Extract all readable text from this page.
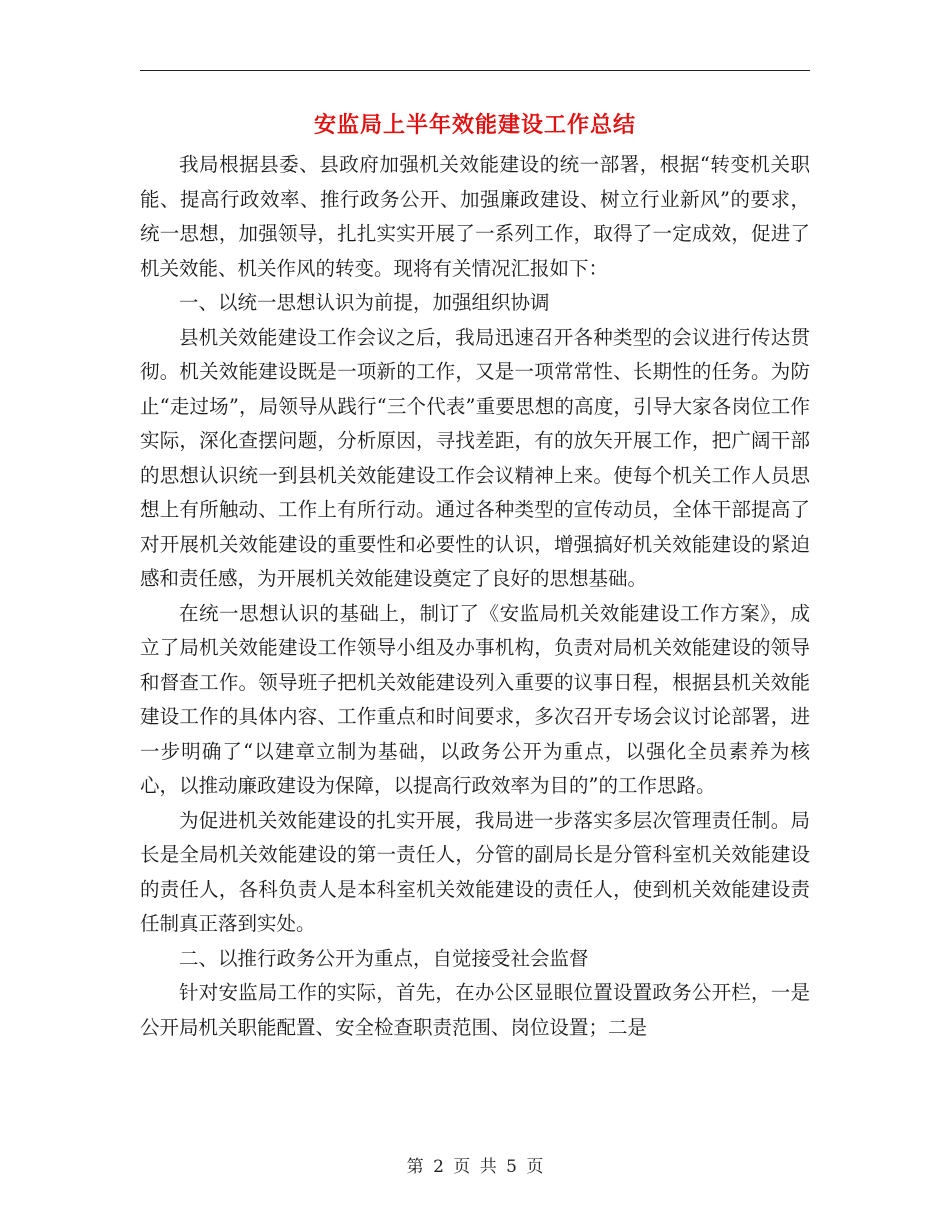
安监局上半年效能建设工作总结

我局根据县委、县政府加强机关效能建设的统一部署，根据“转变机关职能、提高行政效率、推行政务公开、加强廉政建设、树立行业新风”的要求，统一思想，加强领导，扎扎实实开展了一系列工作，取得了一定成效，促进了机关效能、机关作风的转变。现将有关情况汇报如下：

一、以统一思想认识为前提，加强组织协调

县机关效能建设工作会议之后，我局迅速召开各种类型的会议进行传达贯彻。机关效能建设既是一项新的工作，又是一项常常性、长期性的任务。为防止“走过场”，局领导从践行“三个代表”重要思想的高度，引导大家各岗位工作实际，深化查摆问题，分析原因，寻找差距，有的放矢开展工作，把广阔干部的思想认识统一到县机关效能建设工作会议精神上来。使每个机关工作人员思想上有所触动、工作上有所行动。通过各种类型的宣传动员，全体干部提高了对开展机关效能建设的重要性和必要性的认识，增强搞好机关效能建设的紧迫感和责任感，为开展机关效能建设奠定了良好的思想基础。

在统一思想认识的基础上，制订了《安监局机关效能建设工作方案》，成立了局机关效能建设工作领导小组及办事机构，负责对局机关效能建设的领导和督查工作。领导班子把机关效能建设列入重要的议事日程，根据县机关效能建设工作的具体内容、工作重点和时间要求，多次召开专场会议讨论部署，进一步明确了“以建章立制为基础，以政务公开为重点，以强化全员素养为核心，以推动廉政建设为保障，以提高行政效率为目的”的工作思路。

为促进机关效能建设的扎实开展，我局进一步落实多层次管理责任制。局长是全局机关效能建设的第一责任人，分管的副局长是分管科室机关效能建设的责任人，各科负责人是本科室机关效能建设的责任人，使到机关效能建设责任制真正落到实处。

二、以推行政务公开为重点，自觉接受社会监督

针对安监局工作的实际，首先，在办公区显眼位置设置政务公开栏，一是公开局机关职能配置、安全检查职责范围、岗位设置；二是

第 2 页 共 5 页
